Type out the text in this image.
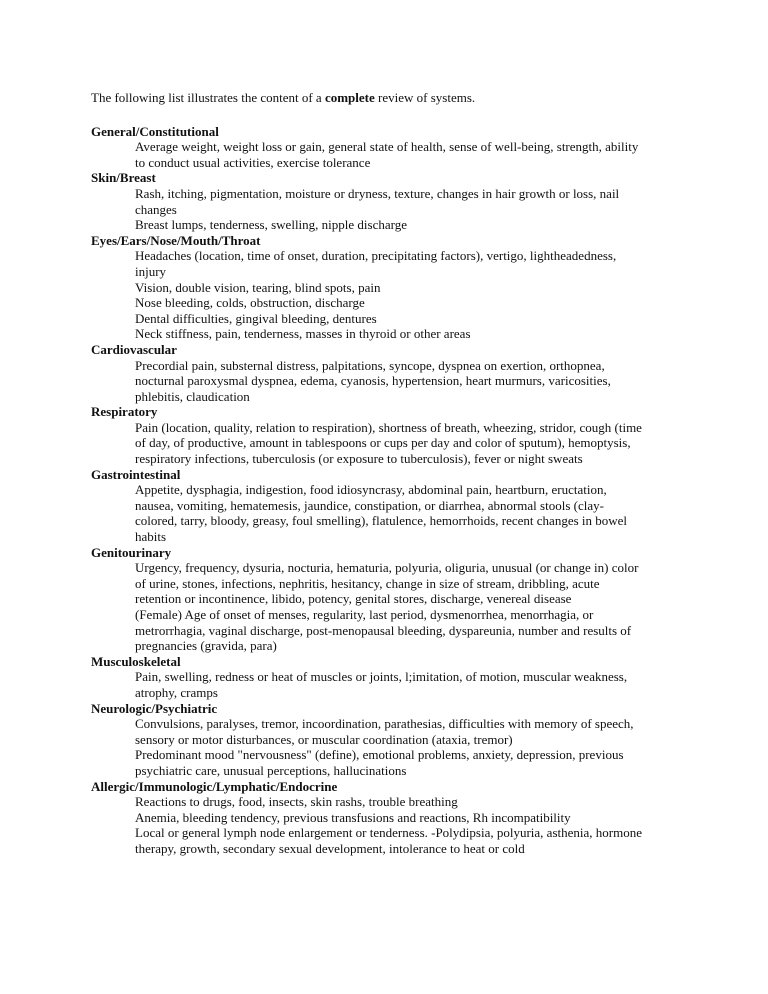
The following list illustrates the content of a complete review of systems.

General/Constitutional
Average weight, weight loss or gain, general state of health, sense of well-being, strength, ability
to conduct usual activities, exercise tolerance
Skin/Breast
Rash, itching, pigmentation, moisture or dryness, texture, changes in hair growth or loss, nail
changes
Breast lumps, tenderness, swelling, nipple discharge
Eyes/Ears/Nose/Mouth/Throat
Headaches (location, time of onset, duration, precipitating factors), vertigo, lightheadedness,
injury
Vision, double vision, tearing, blind spots, pain
Nose bleeding, colds, obstruction, discharge
Dental difficulties, gingival bleeding, dentures
Neck stiffness, pain, tenderness, masses in thyroid or other areas
Cardiovascular
Precordial pain, substernal distress, palpitations, syncope, dyspnea on exertion, orthopnea,
nocturnal paroxysmal dyspnea, edema, cyanosis, hypertension, heart murmurs, varicosities,
phlebitis, claudication
Respiratory
Pain (location, quality, relation to respiration), shortness of breath, wheezing, stridor, cough (time
of day, of productive, amount in tablespoons or cups per day and color of sputum), hemoptysis,
respiratory infections, tuberculosis (or exposure to tuberculosis), fever or night sweats
Gastrointestinal
Appetite, dysphagia, indigestion, food idiosyncrasy, abdominal pain, heartburn, eructation,
nausea, vomiting, hematemesis, jaundice, constipation, or diarrhea, abnormal stools (clay-
colored, tarry, bloody, greasy, foul smelling), flatulence, hemorrhoids, recent changes in bowel
habits
Genitourinary
Urgency, frequency, dysuria, nocturia, hematuria, polyuria, oliguria, unusual (or change in) color
of urine, stones, infections, nephritis, hesitancy, change in size of stream, dribbling, acute
retention or incontinence, libido, potency, genital stores, discharge, venereal disease
(Female) Age of onset of menses, regularity, last period, dysmenorrhea, menorrhagia, or
metrorrhagia, vaginal discharge, post-menopausal bleeding, dyspareunia, number and results of
pregnancies (gravida, para)
Musculoskeletal
Pain, swelling, redness or heat of muscles or joints, l;imitation, of motion, muscular weakness,
atrophy, cramps
Neurologic/Psychiatric
Convulsions, paralyses, tremor, incoordination, parathesias, difficulties with memory of speech,
sensory or motor disturbances, or muscular coordination (ataxia, tremor)
Predominant mood "nervousness" (define), emotional problems, anxiety, depression, previous
psychiatric care, unusual perceptions, hallucinations
Allergic/Immunologic/Lymphatic/Endocrine
Reactions to drugs, food, insects, skin rashs, trouble breathing
Anemia, bleeding tendency, previous transfusions and reactions, Rh incompatibility
Local or general lymph node enlargement or tenderness. -Polydipsia, polyuria, asthenia, hormone
therapy, growth, secondary sexual development, intolerance to heat or cold
